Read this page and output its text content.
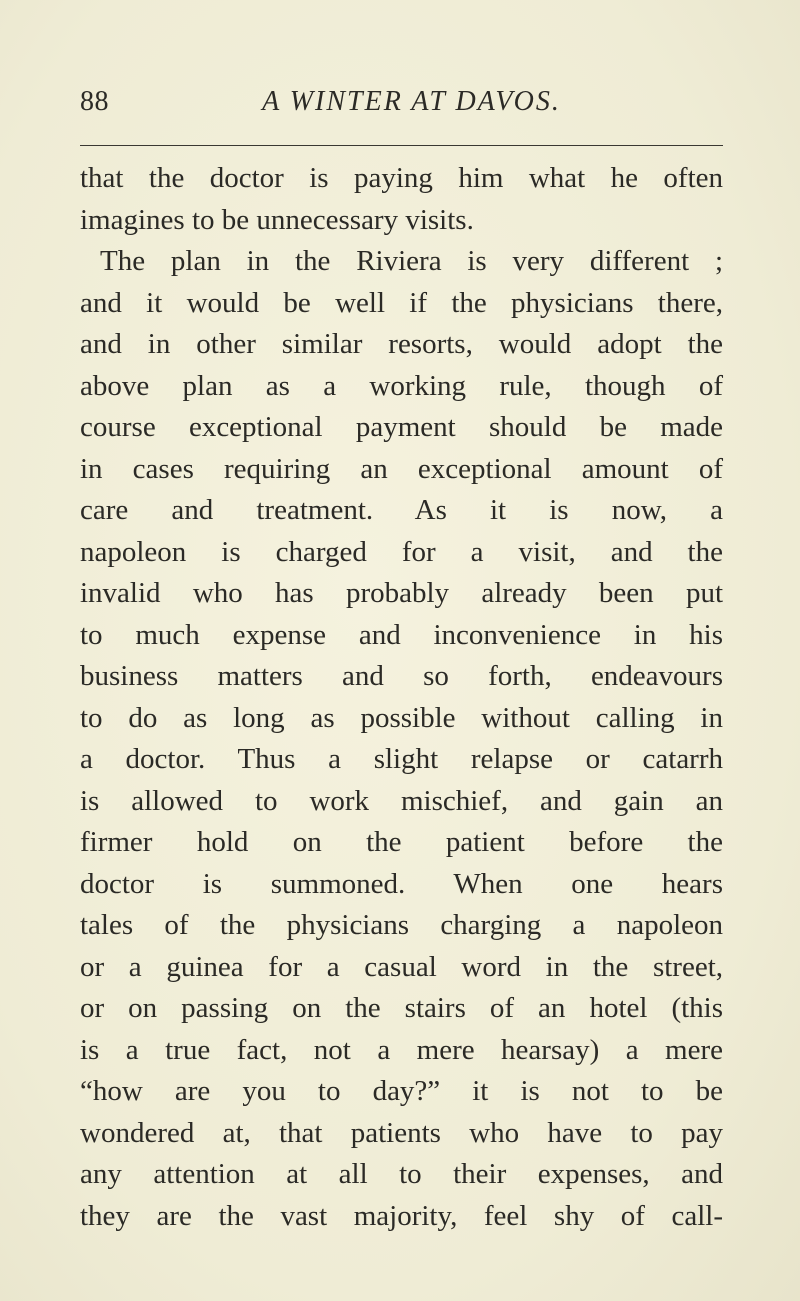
88	A WINTER AT DAVOS.
that the doctor is paying him what he often
imagines to be unnecessary visits.
The plan in the Riviera is very different ;
and it would be well if the physicians there,
and in other similar resorts, would adopt the
above plan as a working rule, though of
course exceptional payment should be made
in cases requiring an exceptional amount of
care and treatment. As it is now, a
napoleon is charged for a visit, and the
invalid who has probably already been put
to much expense and inconvenience in his
business matters and so forth, endeavours
to do as long as possible without calling in
a doctor. Thus a slight relapse or catarrh
is allowed to work mischief, and gain an
firmer hold on the patient before the
doctor is summoned. When one hears
tales of the physicians charging a napoleon
or a guinea for a casual word in the street,
or on passing on the stairs of an hotel (this
is a true fact, not a mere hearsay) a mere
“how are you to day?” it is not to be
wondered at, that patients who have to pay
any attention at all to their expenses, and
they are the vast majority, feel shy of call-
